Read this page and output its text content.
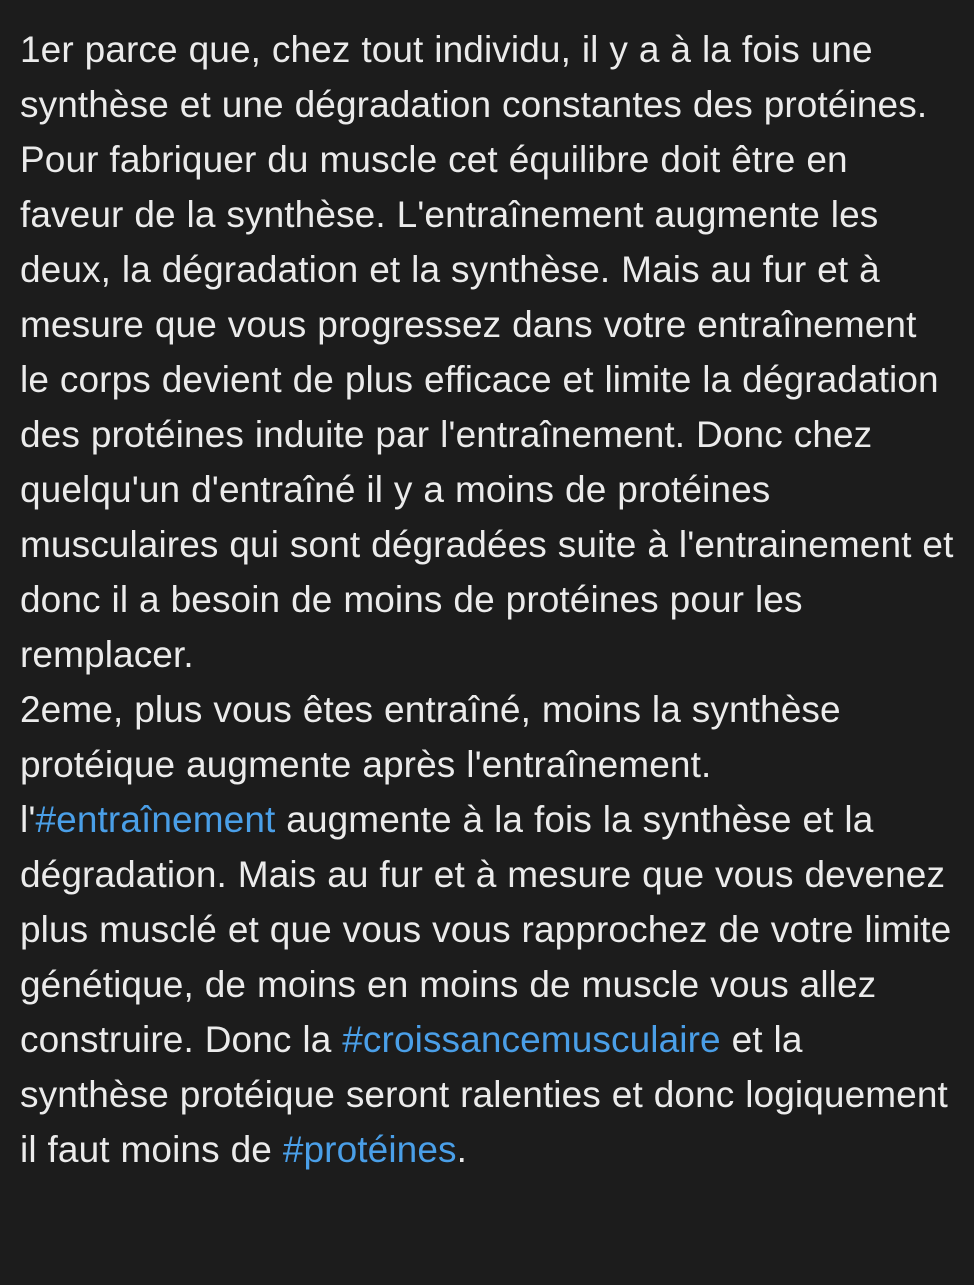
1er parce que, chez tout individu, il y a à la fois une synthèse et une dégradation constantes des protéines. Pour fabriquer du muscle cet équilibre doit être en faveur de la synthèse. L'entraînement augmente les deux, la dégradation et la synthèse. Mais au fur et à mesure que vous progressez dans votre entraînement le corps devient de plus efficace et limite la dégradation des protéines induite par l'entraînement. Donc chez quelqu'un d'entraîné il y a moins de protéines musculaires qui sont dégradées suite à l'entrainement et donc il a besoin de moins de protéines pour les remplacer.

2eme, plus vous êtes entraîné, moins la synthèse protéique augmente après l'entraînement. l'#entraînement augmente à la fois la synthèse et la dégradation. Mais au fur et à mesure que vous devenez plus musclé et que vous vous rapprochez de votre limite génétique, de moins en moins de muscle vous allez construire. Donc la #croissancemusculaire et la synthèse protéique seront ralenties et donc logiquement il faut moins de #protéines.
